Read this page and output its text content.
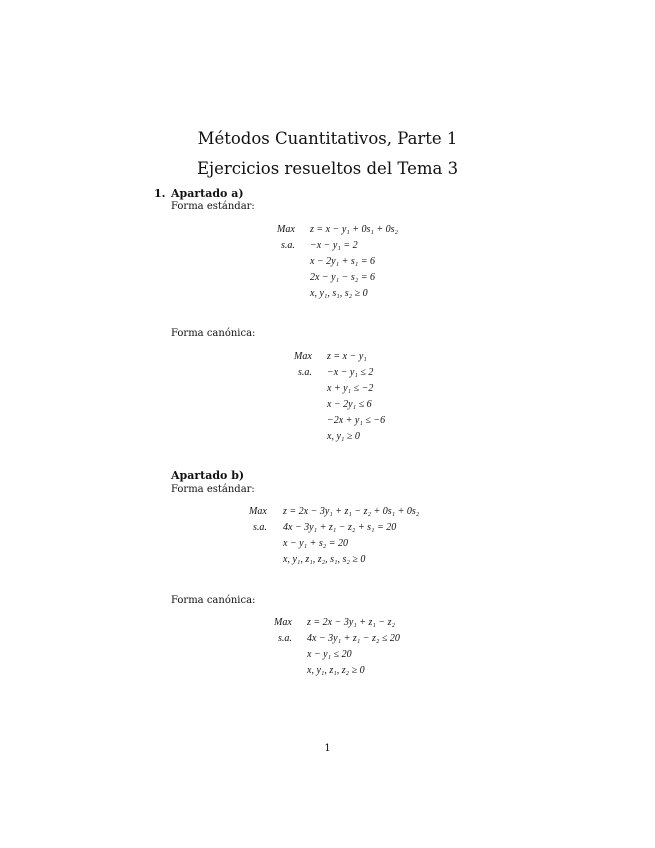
Métodos Cuantitativos, Parte 1
Ejercicios resueltos del Tema 3
1. Apartado a)
Forma estándar:
Max z = x − y₁ + 0s₁ + 0s₂
s.a. −x − y₁ = 2
x − 2y₁ + s₁ = 6
2x − y₁ − s₂ = 6
x, y₁, s₁, s₂ ≥ 0
Forma canónica:
Max z = x − y₁
s.a. −x − y₁ ≤ 2
x + y₁ ≤ −2
x − 2y₁ ≤ 6
−2x + y₁ ≤ −6
x, y₁ ≥ 0
Apartado b)
Forma estándar:
Max z = 2x − 3y₁ + z₁ − z₂ + 0s₁ + 0s₂
s.a. 4x − 3y₁ + z₁ − z₂ + s₁ = 20
x − y₁ + s₂ = 20
x, y₁, z₁, z₂, s₁, s₂ ≥ 0
Forma canónica:
Max z = 2x − 3y₁ + z₁ − z₂
s.a. 4x − 3y₁ + z₁ − z₂ ≤ 20
x − y₁ ≤ 20
x, y₁, z₁, z₂ ≥ 0
1
